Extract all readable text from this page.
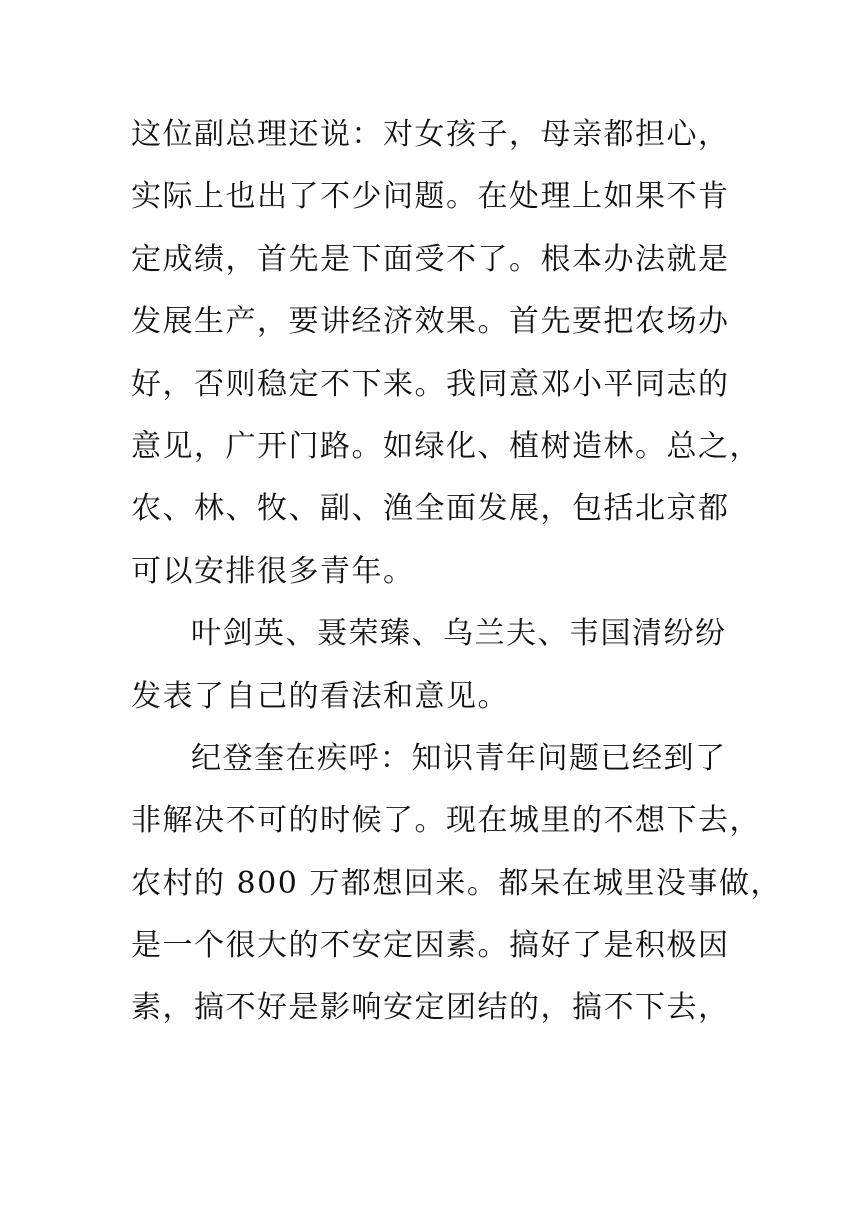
这位副总理还说：对女孩子，母亲都担心，
实际上也出了不少问题。在处理上如果不肯
定成绩，首先是下面受不了。根本办法就是
发展生产，要讲经济效果。首先要把农场办
好，否则稳定不下来。我同意邓小平同志的
意见，广开门路。如绿化、植树造林。总之，
农、林、牧、副、渔全面发展，包括北京都
可以安排很多青年。
叶剑英、聂荣臻、乌兰夫、韦国清纷纷
发表了自己的看法和意见。
纪登奎在疾呼：知识青年问题已经到了
非解决不可的时候了。现在城里的不想下去，
农村的 800 万都想回来。都呆在城里没事做，
是一个很大的不安定因素。搞好了是积极因
素，搞不好是影响安定团结的，搞不下去，
